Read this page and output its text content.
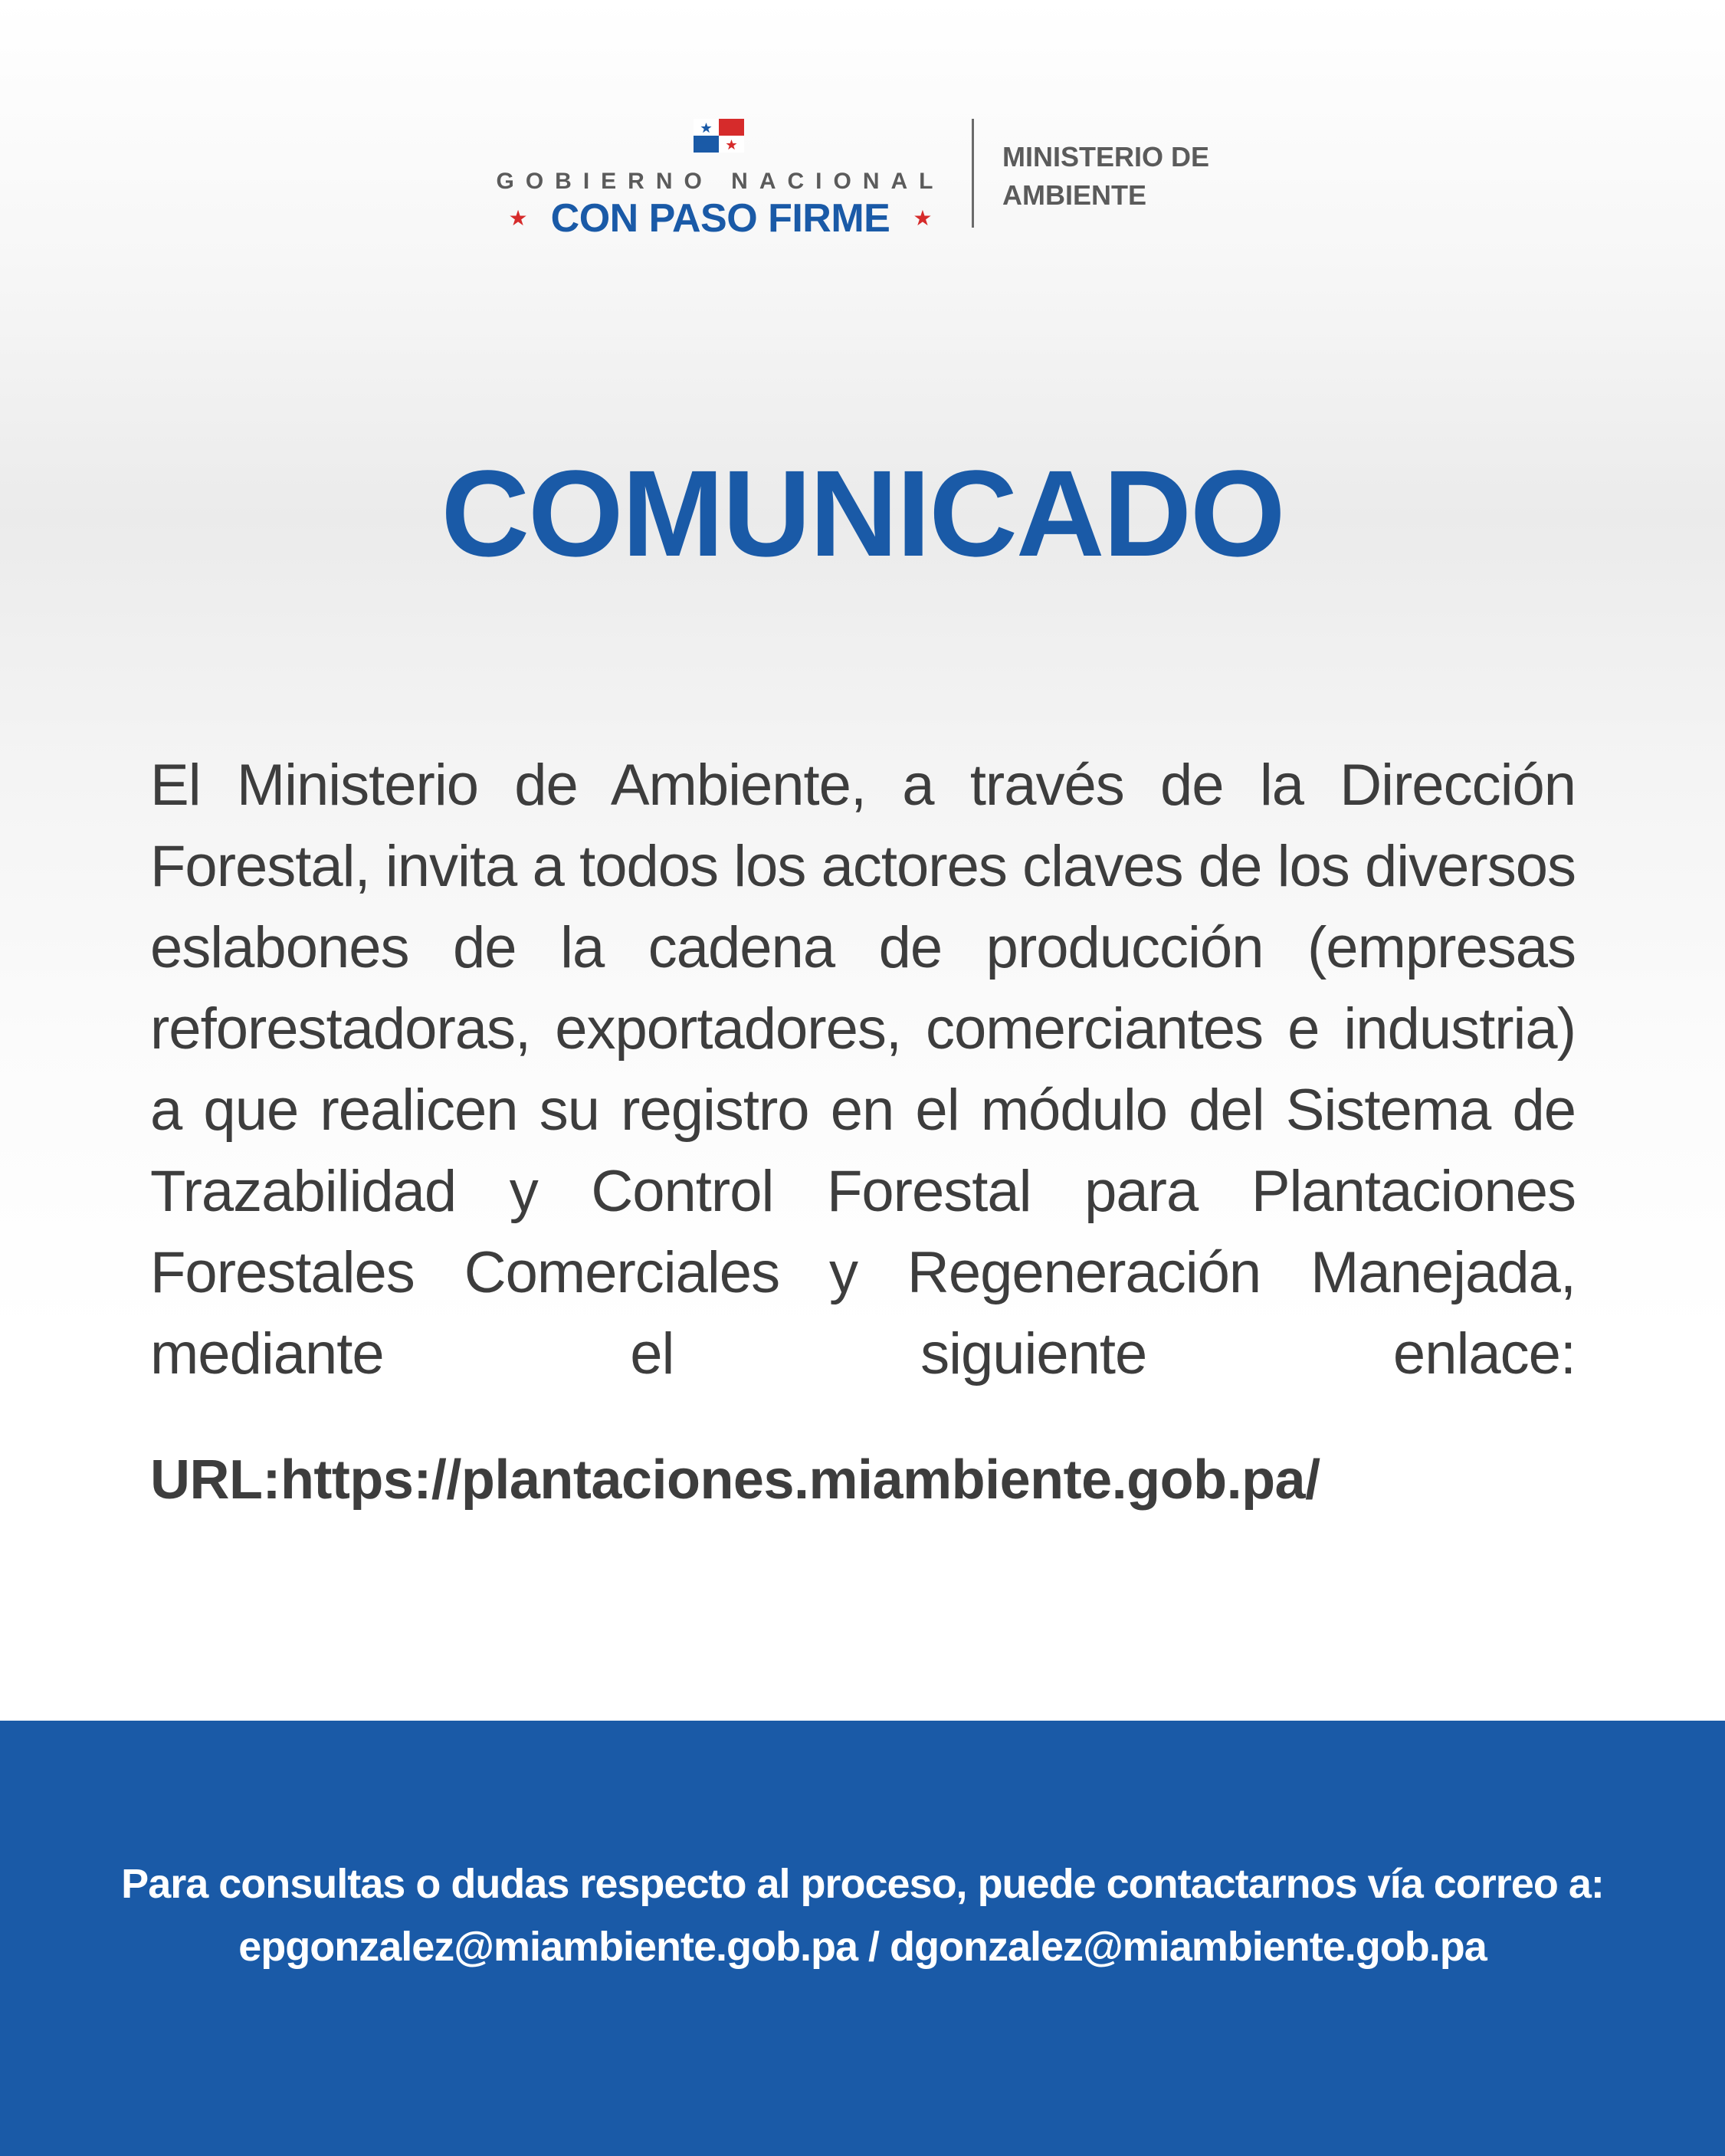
GOBIERNO NACIONAL
★ CON PASO FIRME ★
MINISTERIO DE
AMBIENTE
COMUNICADO
El Ministerio de Ambiente, a través de la Dirección Forestal, invita a todos los actores claves de los diversos eslabones de la cadena de producción (empresas reforestadoras, exportadores, comerciantes e industria) a que realicen su registro en el módulo del Sistema de Trazabilidad y Control Forestal para Plantaciones Forestales Comerciales y Regeneración Manejada, mediante el siguiente enlace:
URL:https://plantaciones.miambiente.gob.pa/
Para consultas o dudas respecto al proceso, puede contactarnos vía correo a:
epgonzalez@miambiente.gob.pa / dgonzalez@miambiente.gob.pa
